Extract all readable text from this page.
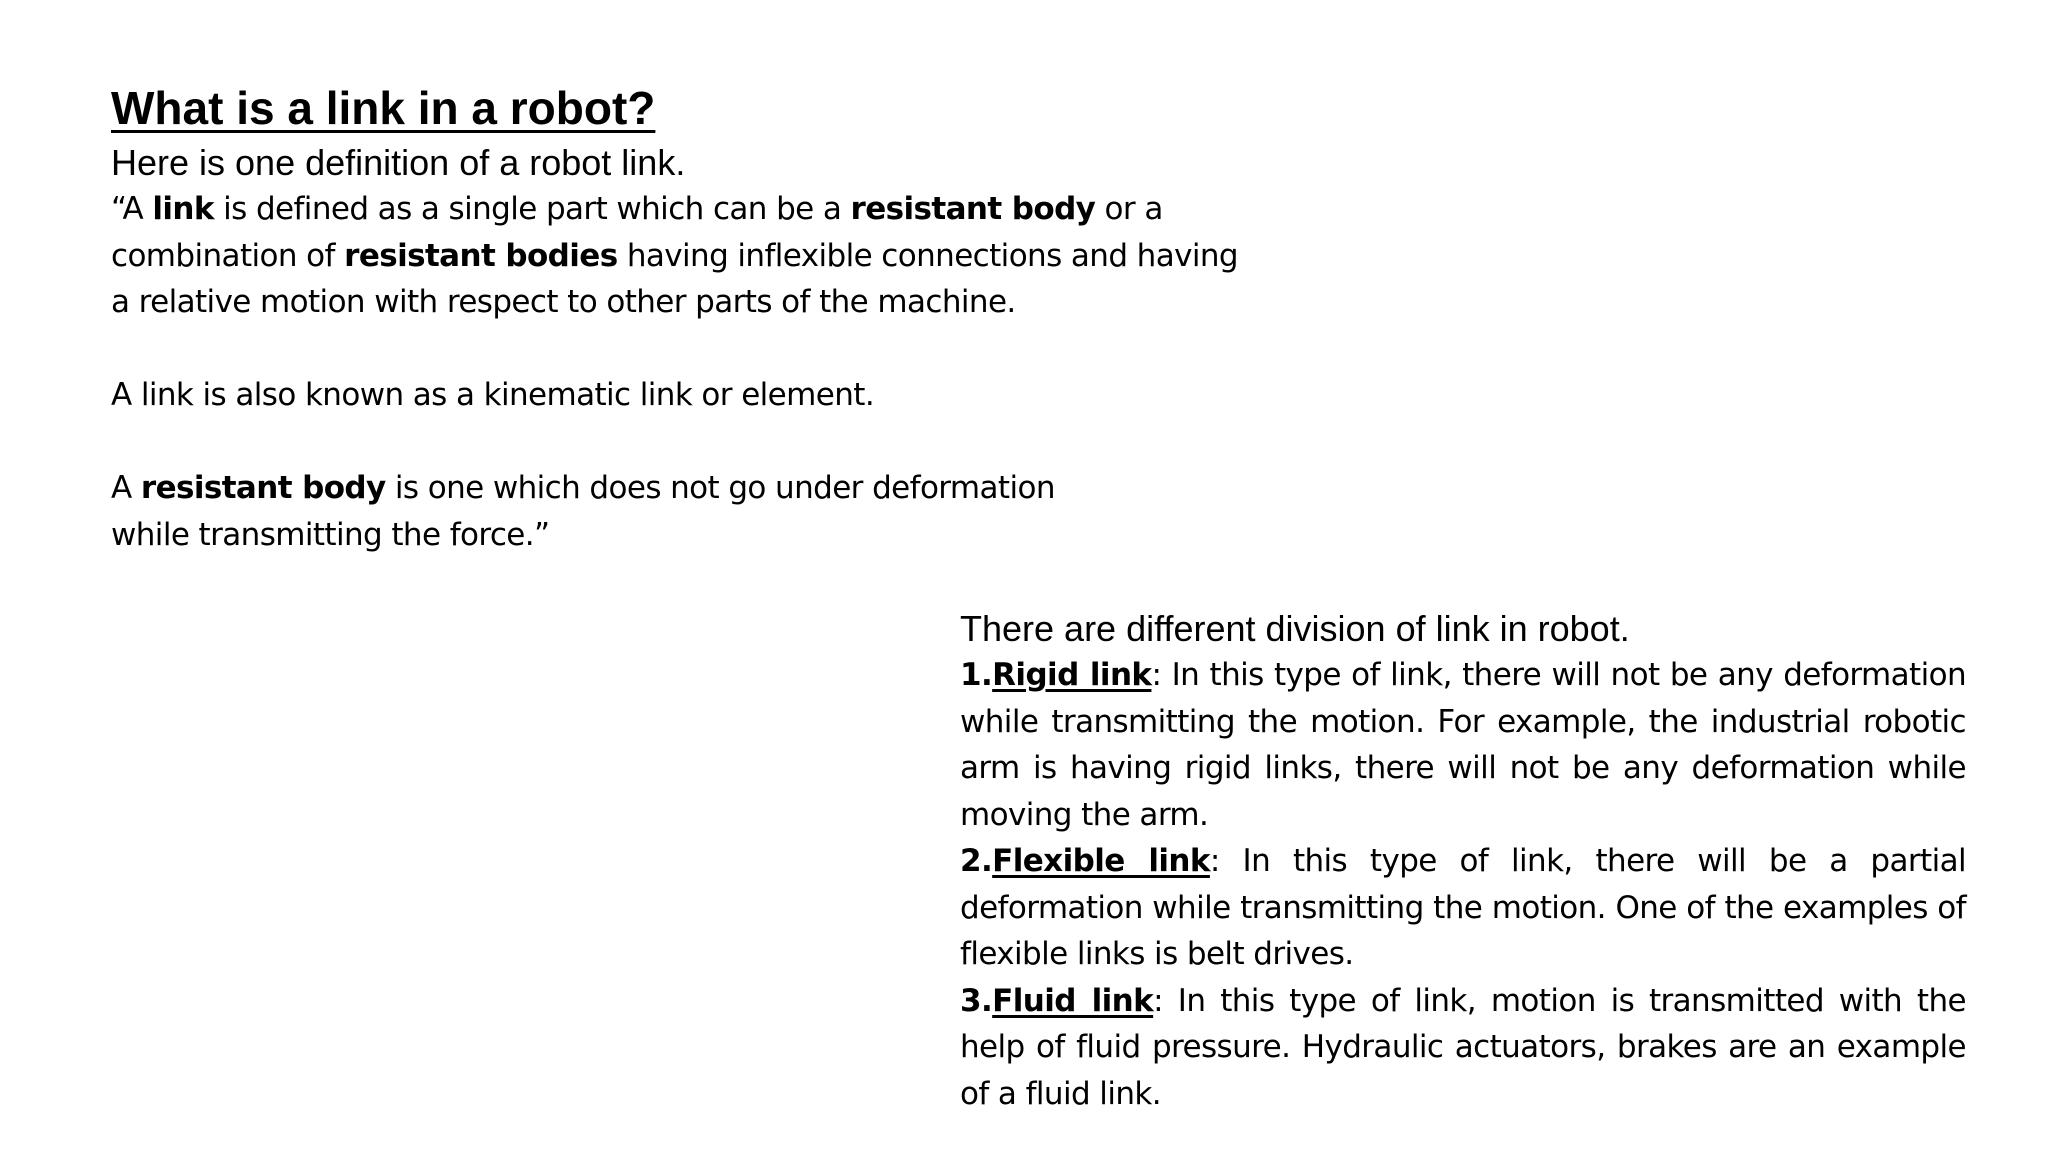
What is a link in a robot?

Here is one definition of a robot link.

“A link is defined as a single part which can be a resistant body or a
combination of resistant bodies having inflexible connections and having
a relative motion with respect to other parts of the machine.
A link is also known as a kinematic link or element.
A resistant body is one which does not go under deformation
while transmitting the force.”

There are different division of link in robot.

1.Rigid link: In this type of link, there will not be any deformation while transmitting the motion. For example, the industrial robotic arm is having rigid links, there will not be any deformation while moving the arm.

2.Flexible link: In this type of link, there will be a partial deformation while transmitting the motion. One of the examples of flexible links is belt drives.

3.Fluid link: In this type of link, motion is transmitted with the help of fluid pressure. Hydraulic actuators, brakes are an example of a fluid link.
